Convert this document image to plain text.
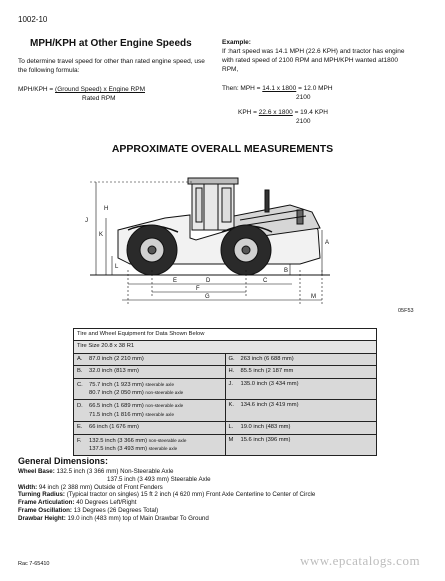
1002-10
MPH/KPH at Other Engine Speeds
To determine travel speed for other than rated engine speed, use the following formula:
MPH/KPH = (Ground Speed) x Engine RPM
Rated RPM
Example:
If :hart speed was 14.1 MPH (22.6 KPH) and tractor has engine with rated speed of 2100 RPM and MPH/KPH wanted at1800 RPM,
Then: MPH = 14.1 x 1800 = 12.0 MPH
2100
KPH = 22.6 x 1800 = 19.4 KPH
2100
APPROXIMATE OVERALL MEASUREMENTS
J
K
L
A
B
C
D
E
F
G
H
M
05F53
Tire and Wheel Equipment for Data Shown Below	
Tire Size 20.8 x 38 R1	
A. 87.0 inch (2 210 mm)	G. 263 inch (6 688 mm)
B. 32.0 inch (813 mm)	H. 85.5 inch (2 187 mm
C. 75.7 inch (1 923 mm) steerable axle
80.7 inch (2 050 mm) non-steerable axle	J. 135.0 inch (3 434 mm)
D. 66.5 inch (1 689 mm) non-steerable axle
71.5 inch (1 816 mm) steerable axle	K. 134.6 inch (3 419 mm)
E. 66 inch (1 676 mm)	L. 19.0 inch (483 mm)
F. 132.5 inch (3 366 mm) non-steerable axle
137.5 inch (3 493 mm) steerable axle	M 15.6 inch (396 mm)
General Dimensions:
Wheel Base: 132.5 inch (3 366 mm) Non-Steerable Axle
137.5 inch (3 493 mm) Steerable Axle
Width: 94 inch (2 388 mm) Outside of Front Fenders
Turning Radius: (Typical tractor on singles) 15 ft 2 inch (4 620 mm) Front Axle Centerline to Center of Circle
Frame Articulation: 40 Degrees Left/Right
Frame Oscillation: 13 Degrees (26 Degrees Total)
Drawbar Height: 19.0 inch (483 mm) top of Main Drawbar To Ground
Rac 7-65410	www.epcatalogs.com
